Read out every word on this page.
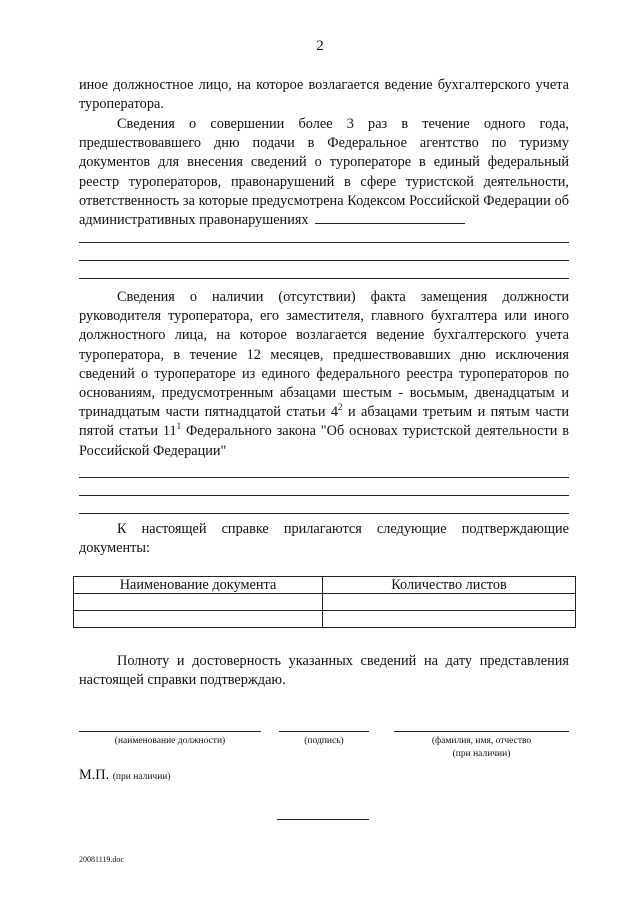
2
иное должностное лицо, на которое возлагается ведение бухгалтерского учета туроператора.
Сведения о совершении более 3 раз в течение одного года, предшествовавшего дню подачи в Федеральное агентство по туризму документов для внесения сведений о туроператоре в единый федеральный реестр туроператоров, правонарушений в сфере туристской деятельности, ответственность за которые предусмотрена Кодексом Российской Федерации об административных правонарушениях
Сведения о наличии (отсутствии) факта замещения должности руководителя туроператора, его заместителя, главного бухгалтера или иного должностного лица, на которое возлагается ведение бухгалтерского учета туроператора, в течение 12 месяцев, предшествовавших дню исключения сведений о туроператоре из единого федерального реестра туроператоров по основаниям, предусмотренным абзацами шестым - восьмым, двенадцатым и тринадцатым части пятнадцатой статьи $4^2$ и абзацами третьим и пятым части пятой статьи $11^1$ Федерального закона "Об основах туристской деятельности в Российской Федерации"
К настоящей справке прилагаются следующие подтверждающие документы:
Наименование документа	Количество листов

Полноту и достоверность указанных сведений на дату представления настоящей справки подтверждаю.
(наименование должности)	(подпись)	(фамилия, имя, отчество
(при наличии)
М.П. (при наличии)
20081119.doc
